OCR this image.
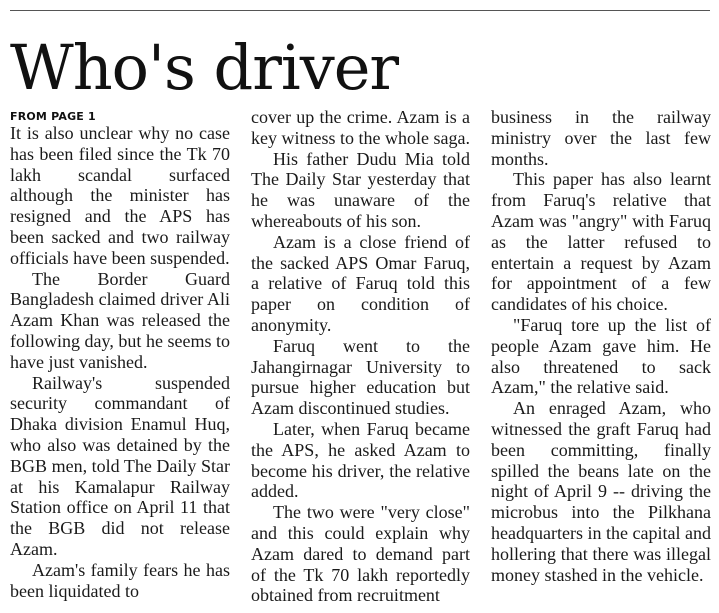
Who's driver
FROM PAGE 1

It is also unclear why no case has been filed since the Tk 70 lakh scandal surfaced although the minister has resigned and the APS has been sacked and two railway officials have been suspended.

The Border Guard Bangladesh claimed driver Ali Azam Khan was released the following day, but he seems to have just vanished.

Railway's suspended security commandant of Dhaka division Enamul Huq, who also was detained by the BGB men, told The Daily Star at his Kamalapur Railway Station office on April 11 that the BGB did not release Azam.

Azam's family fears he has been liquidated to

cover up the crime. Azam is a key witness to the whole saga.

His father Dudu Mia told The Daily Star yesterday that he was unaware of the whereabouts of his son.

Azam is a close friend of the sacked APS Omar Faruq, a relative of Faruq told this paper on condition of anonymity.

Faruq went to the Jahangirnagar University to pursue higher education but Azam discontinued studies.

Later, when Faruq became the APS, he asked Azam to become his driver, the relative added.

The two were "very close" and this could explain why Azam dared to demand part of the Tk 70 lakh reportedly obtained from recruitment

business in the railway ministry over the last few months.

This paper has also learnt from Faruq's relative that Azam was "angry" with Faruq as the latter refused to entertain a request by Azam for appointment of a few candidates of his choice.

"Faruq tore up the list of people Azam gave him. He also threatened to sack Azam," the relative said.

An enraged Azam, who witnessed the graft Faruq had been committing, finally spilled the beans late on the night of April 9 -- driving the microbus into the Pilkhana headquarters in the capital and hollering that there was illegal money stashed in the vehicle.
